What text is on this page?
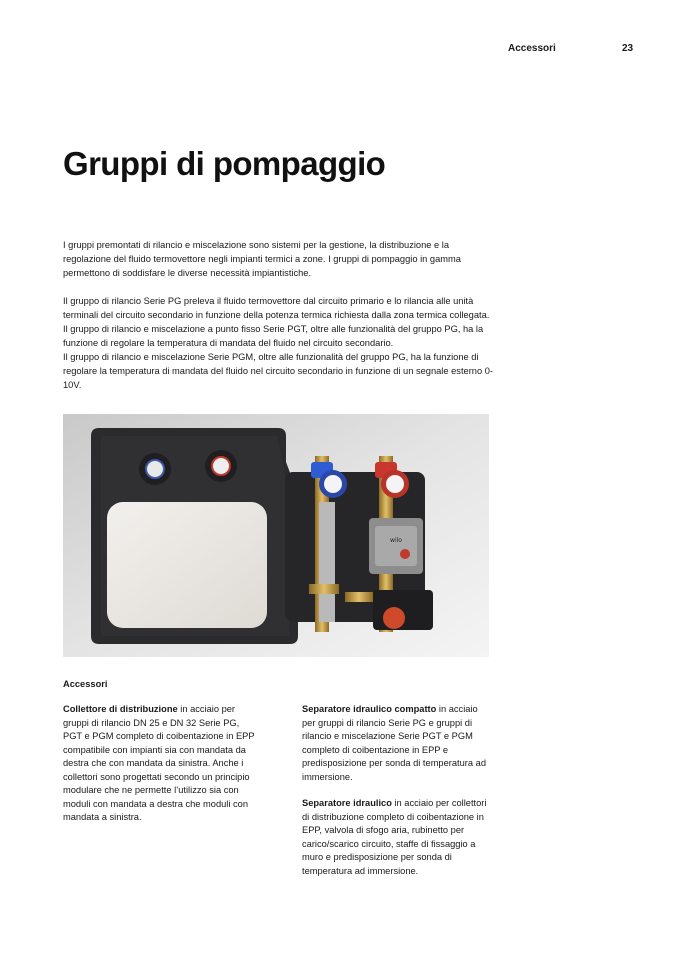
Accessori	23
Gruppi di pompaggio

I gruppi premontati di rilancio e miscelazione sono sistemi per la gestione, la distribuzione e la regolazione del fluido termovettore negli impianti termici a zone. I gruppi di pompaggio in gamma permettono di soddisfare le diverse necessità impiantistiche.

Il gruppo di rilancio Serie PG preleva il fluido termovettore dal circuito primario e lo rilancia alle unità terminali del circuito secondario in funzione della potenza termica richiesta dalla zona termica collegata.

Il gruppo di rilancio e miscelazione a punto fisso Serie PGT, oltre alle funzionalità del gruppo PG, ha la funzione di regolare la temperatura di mandata del fluido nel circuito secondario.

Il gruppo di rilancio e miscelazione Serie PGM, oltre alle funzionalità del gruppo PG, ha la funzione di regolare la temperatura di mandata del fluido nel circuito secondario in funzione di un segnale esterno 0-10V.

wilo
Accessori

Collettore di distribuzione in acciaio per gruppi di rilancio DN 25 e DN 32 Serie PG, PGT e PGM completo di coibentazione in EPP compatibile con impianti sia con mandata da destra che con mandata da sinistra. Anche i collettori sono progettati secondo un principio modulare che ne permette l’utilizzo sia con moduli con mandata a destra che moduli con mandata a sinistra.

Separatore idraulico compatto in acciaio per gruppi di rilancio Serie PG e gruppi di rilancio e miscelazione Serie PGT e PGM completo di coibentazione in EPP e predisposizione per sonda di temperatura ad immersione.

Separatore idraulico in acciaio per collettori di distribuzione completo di coibentazione in EPP, valvola di sfogo aria, rubinetto per carico/scarico circuito, staffe di fissaggio a muro e predisposizione per sonda di temperatura ad immersione.
